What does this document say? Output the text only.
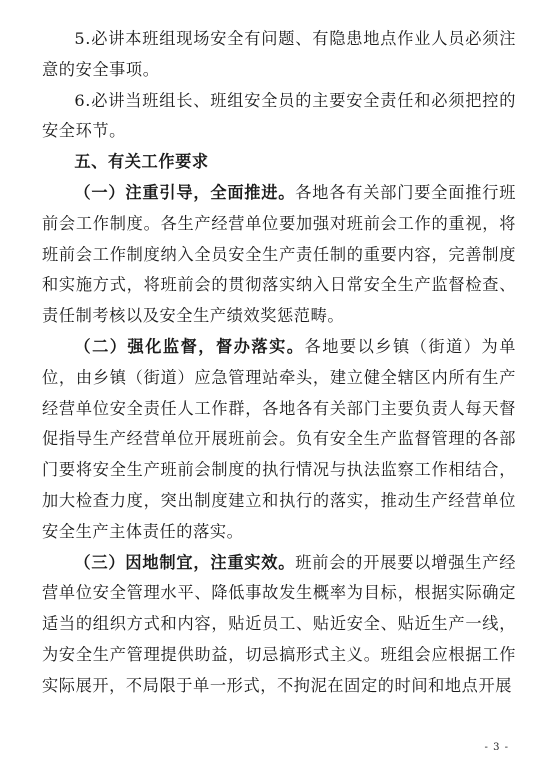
5.必讲本班组现场安全有问题、有隐患地点作业人员必须注意的安全事项。

6.必讲当班组长、班组安全员的主要安全责任和必须把控的安全环节。

五、有关工作要求

（一）注重引导，全面推进。各地各有关部门要全面推行班前会工作制度。各生产经营单位要加强对班前会工作的重视，将班前会工作制度纳入全员安全生产责任制的重要内容，完善制度和实施方式，将班前会的贯彻落实纳入日常安全生产监督检查、责任制考核以及安全生产绩效奖惩范畴。

（二）强化监督，督办落实。各地要以乡镇（街道）为单位，由乡镇（街道）应急管理站牵头，建立健全辖区内所有生产经营单位安全责任人工作群，各地各有关部门主要负责人每天督促指导生产经营单位开展班前会。负有安全生产监督管理的各部门要将安全生产班前会制度的执行情况与执法监察工作相结合，加大检查力度，突出制度建立和执行的落实，推动生产经营单位安全生产主体责任的落实。

（三）因地制宜，注重实效。班前会的开展要以增强生产经营单位安全管理水平、降低事故发生概率为目标，根据实际确定适当的组织方式和内容，贴近员工、贴近安全、贴近生产一线，为安全生产管理提供助益，切忌搞形式主义。班组会应根据工作实际展开，不局限于单一形式，不拘泥在固定的时间和地点开展

- 3 -
